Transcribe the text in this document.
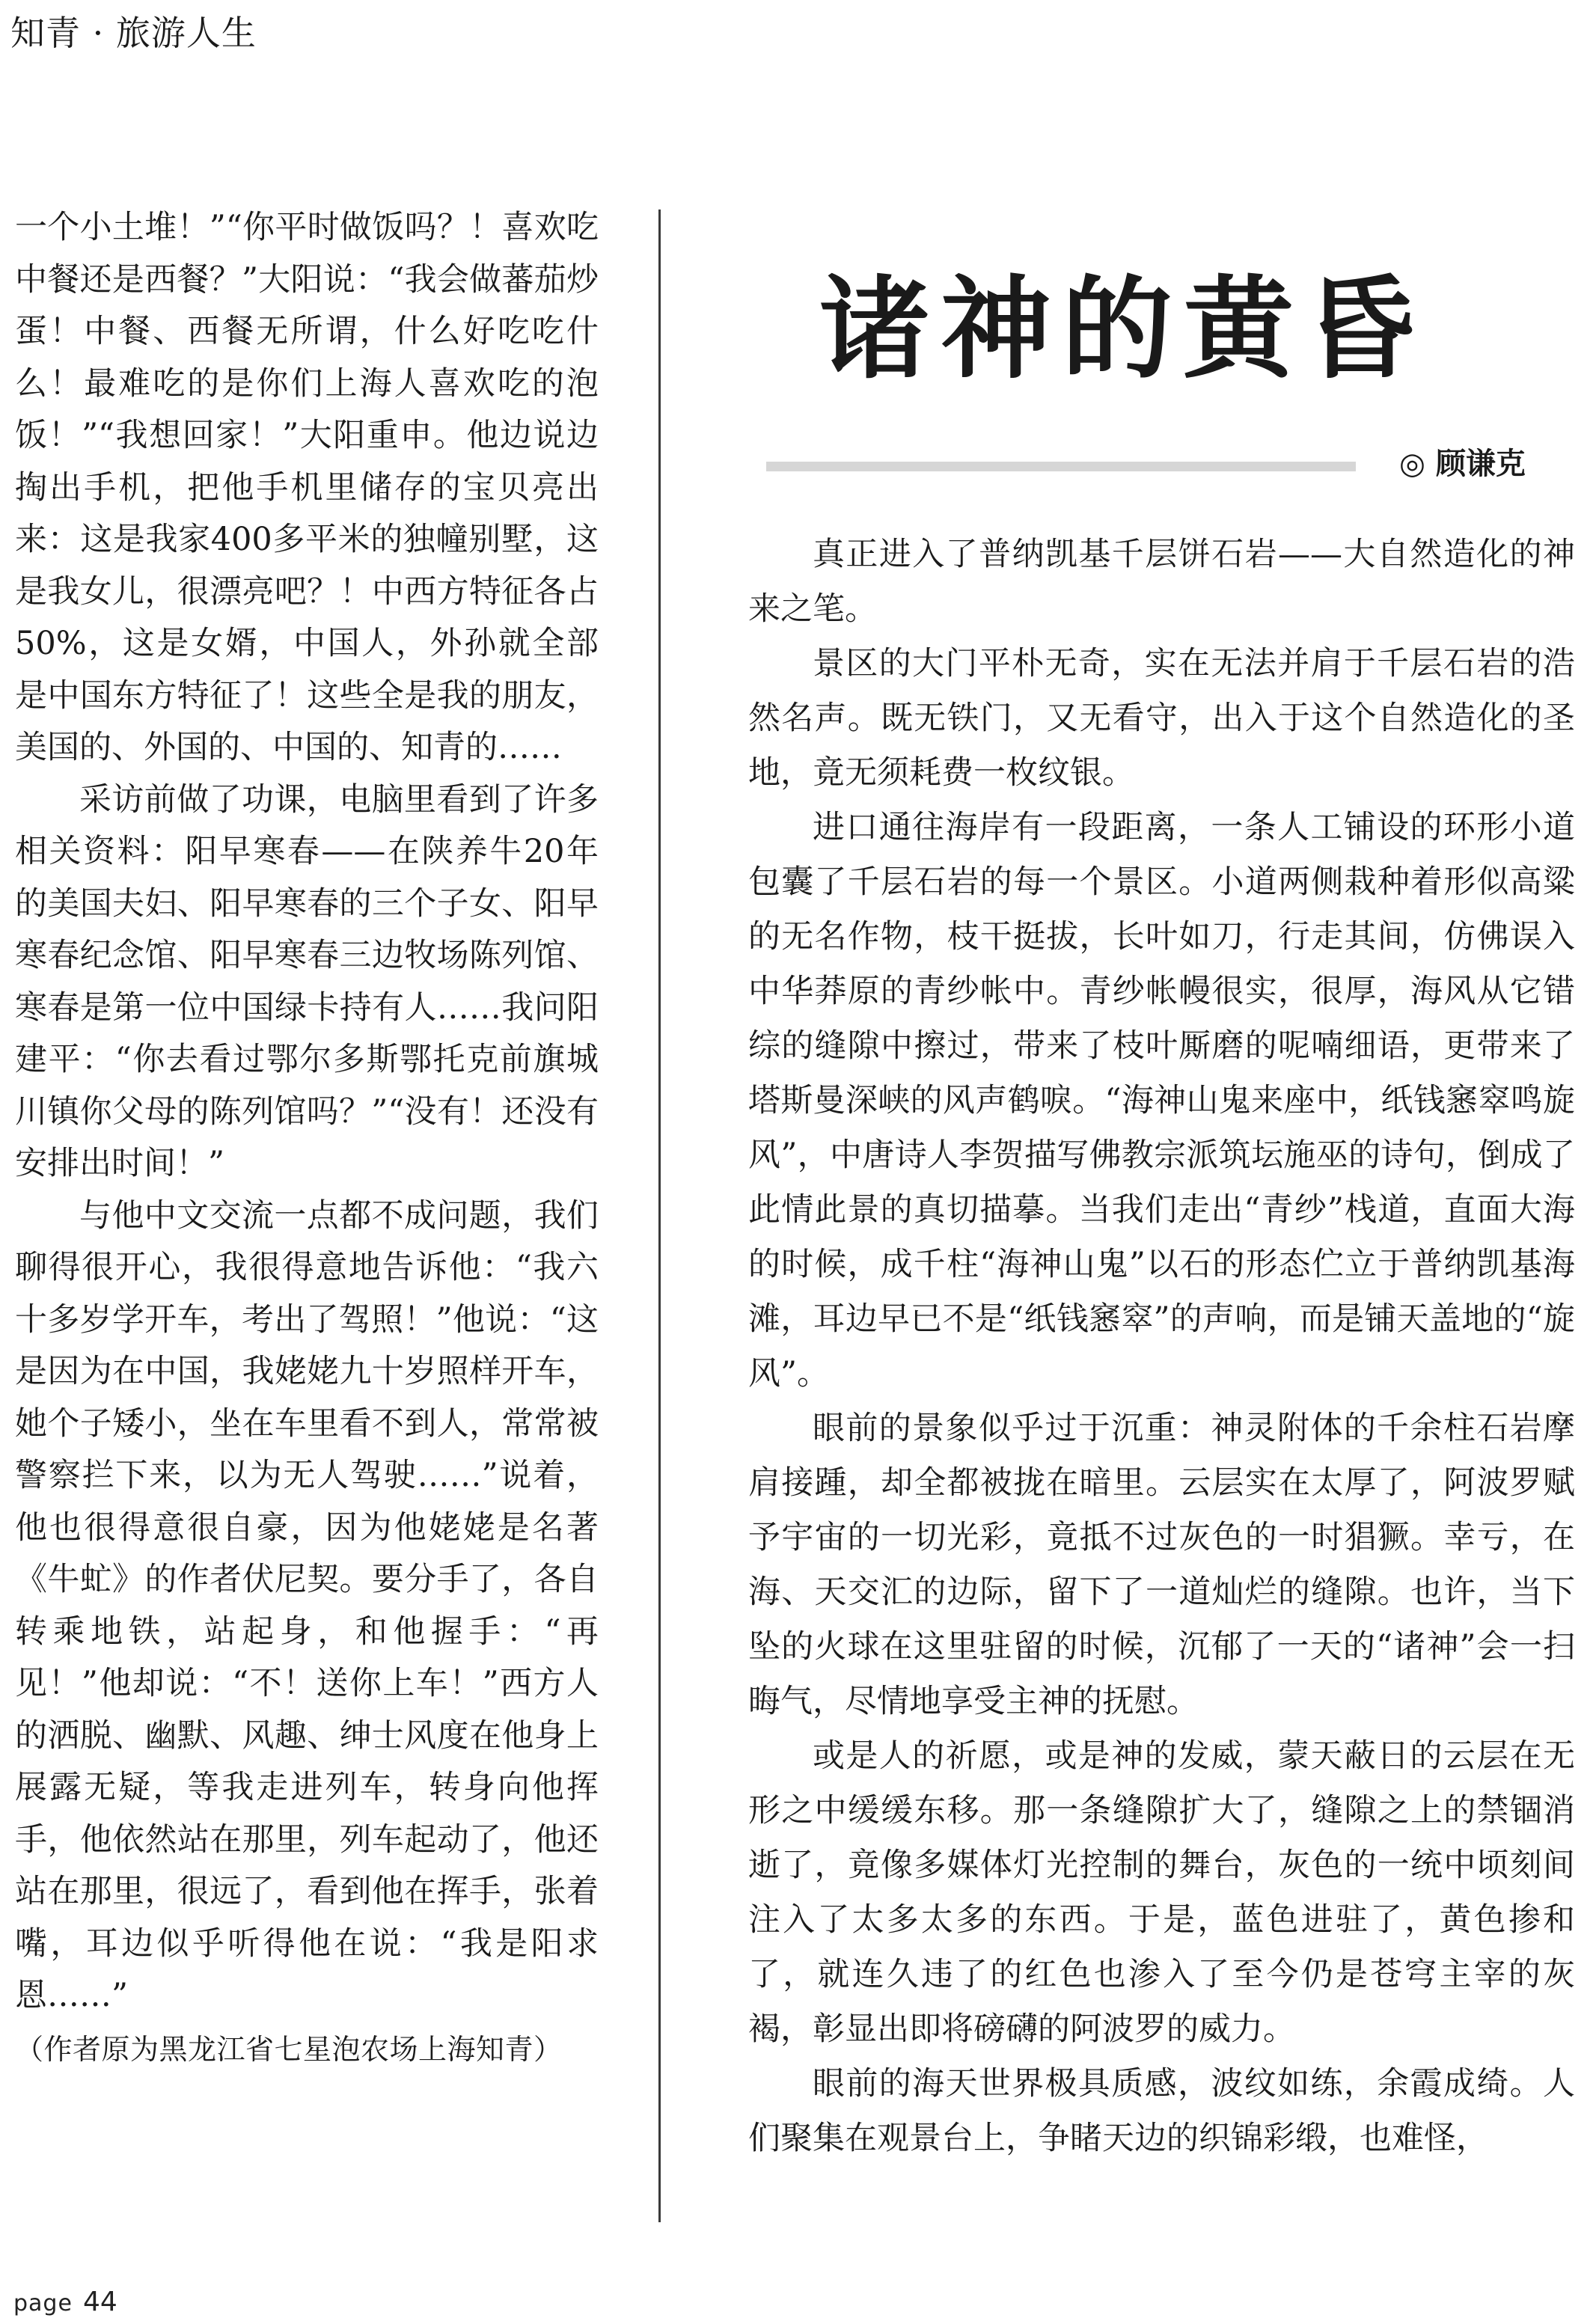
知青 · 旅游人生

一个小土堆！”“你平时做饭吗？！喜欢吃中餐还是西餐？”大阳说：“我会做蕃茄炒蛋！中餐、西餐无所谓，什么好吃吃什么！最难吃的是你们上海人喜欢吃的泡饭！”“我想回家！”大阳重申。他边说边掏出手机，把他手机里储存的宝贝亮出来：这是我家400多平米的独幢别墅，这是我女儿，很漂亮吧？！中西方特征各占50%，这是女婿，中国人，外孙就全部是中国东方特征了！这些全是我的朋友，美国的、外国的、中国的、知青的……

采访前做了功课，电脑里看到了许多相关资料：阳早寒春——在陕养牛20年的美国夫妇、阳早寒春的三个子女、阳早寒春纪念馆、阳早寒春三边牧场陈列馆、寒春是第一位中国绿卡持有人……我问阳建平：“你去看过鄂尔多斯鄂托克前旗城川镇你父母的陈列馆吗？”“没有！还没有安排出时间！”

与他中文交流一点都不成问题，我们聊得很开心，我很得意地告诉他：“我六十多岁学开车，考出了驾照！”他说：“这是因为在中国，我姥姥九十岁照样开车，她个子矮小，坐在车里看不到人，常常被警察拦下来，以为无人驾驶……”说着，他也很得意很自豪，因为他姥姥是名著《牛虻》的作者伏尼契。要分手了，各自转乘地铁，站起身，和他握手：“再见！”他却说：“不！送你上车！”西方人的洒脱、幽默、风趣、绅士风度在他身上展露无疑，等我走进列车，转身向他挥手，他依然站在那里，列车起动了，他还站在那里，很远了，看到他在挥手，张着嘴，耳边似乎听得他在说：“我是阳求恩……”

（作者原为黑龙江省七星泡农场上海知青）

诸神的黄昏
◎ 顾谦克

真正进入了普纳凯基千层饼石岩——大自然造化的神来之笔。

景区的大门平朴无奇，实在无法并肩于千层石岩的浩然名声。既无铁门，又无看守，出入于这个自然造化的圣地，竟无须耗费一枚纹银。

进口通往海岸有一段距离，一条人工铺设的环形小道包囊了千层石岩的每一个景区。小道两侧栽种着形似高粱的无名作物，枝干挺拔，长叶如刀，行走其间，仿佛误入中华莽原的青纱帐中。青纱帐幔很实，很厚，海风从它错综的缝隙中擦过，带来了枝叶厮磨的呢喃细语，更带来了塔斯曼深峡的风声鹤唳。“海神山鬼来座中，纸钱窸窣鸣旋风”，中唐诗人李贺描写佛教宗派筑坛施巫的诗句，倒成了此情此景的真切描摹。当我们走出“青纱”栈道，直面大海的时候，成千柱“海神山鬼”以石的形态伫立于普纳凯基海滩，耳边早已不是“纸钱窸窣”的声响，而是铺天盖地的“旋风”。

眼前的景象似乎过于沉重：神灵附体的千余柱石岩摩肩接踵，却全都被拢在暗里。云层实在太厚了，阿波罗赋予宇宙的一切光彩，竟抵不过灰色的一时猖獗。幸亏，在海、天交汇的边际，留下了一道灿烂的缝隙。也许，当下坠的火球在这里驻留的时候，沉郁了一天的“诸神”会一扫晦气，尽情地享受主神的抚慰。

或是人的祈愿，或是神的发威，蒙天蔽日的云层在无形之中缓缓东移。那一条缝隙扩大了，缝隙之上的禁锢消逝了，竟像多媒体灯光控制的舞台，灰色的一统中顷刻间注入了太多太多的东西。于是，蓝色进驻了，黄色掺和了，就连久违了的红色也渗入了至今仍是苍穹主宰的灰褐，彰显出即将磅礴的阿波罗的威力。

眼前的海天世界极具质感，波纹如练，余霞成绮。人们聚集在观景台上，争睹天边的织锦彩缎，也难怪，

page 44
